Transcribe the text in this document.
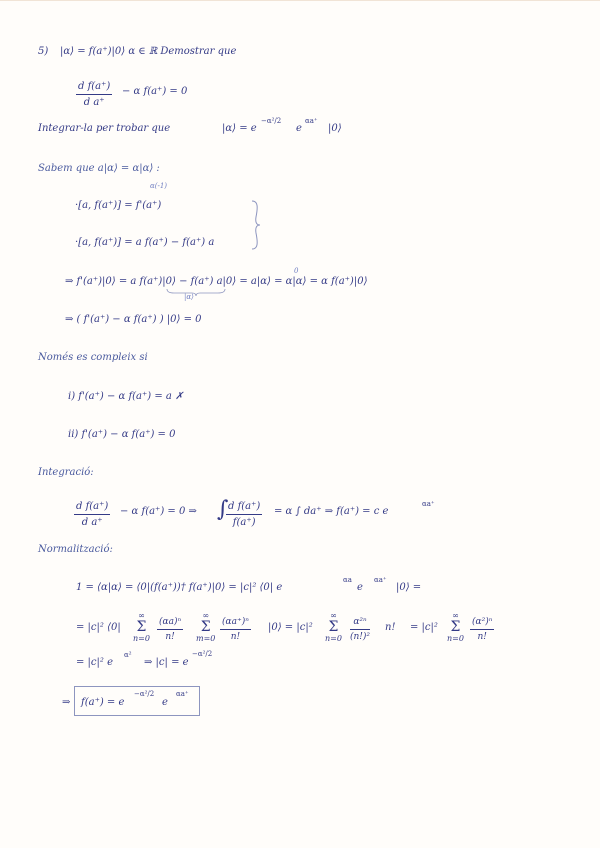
5) |α⟩ = f(a⁺)|0⟩ α ∈ ℝ Demostrar que
$\frac{\text{d f(a⁺)}}{\text{d a⁺}} - \alpha$ f(a⁺) = 0
Integrar-la per trobar que	|α⟩ = e
−α²/2
e
αa⁺
|0⟩
Sabem que a|α⟩ = α|α⟩ :
α(-1)
·[a, f(a⁺)] = f'(a⁺)
·[a, f(a⁺)] = a f(a⁺) − f(a⁺) a
⇒ f'(a⁺)|0⟩ = a f(a⁺)|0⟩ − f(a⁺) a|0⟩ = a|α⟩ = α|α⟩ = α f(a⁺)|0⟩
0
|α⟩
⇒ ( f'(a⁺) − α f(a⁺) ) |0⟩ = 0
Només es compleix si
i) f'(a⁺) − α f(a⁺) = a ✗
ii) f'(a⁺) − α f(a⁺) = 0
Integració:
$\frac{\text{d f(a⁺)}}{\text{d a⁺}} - \alpha$ f(a⁺) = 0 ⇒ ∫
$\frac{\text{d f(a⁺)}}{f(a^+)} = \alpha$ ∫ da⁺ ⇒ f(a⁺) = c e
αa⁺
Normalització:
1 = ⟨α|α⟩ = ⟨0|(f(a⁺))† f(a⁺)|0⟩ = |c|² ⟨0| e
αa
e
αa⁺
|0⟩ =
= |c|² ⟨0|
∞
Σ
$n=0 \frac{\text{(αa)ⁿ}}{n!}$
∞
Σ
$m=0 \frac{\text{(αa⁺)ⁿ}}{n!}$ |0⟩ = |c|²
∞
Σ
$n=0 \frac{\text{α²ⁿ}}{\text{(n!)²}} n$! = |c|²
∞
Σ
$n=0 \frac{\text{(α²)ⁿ}}{n!}$
= |c|² e
α²
⇒ |c| = e
−α²/2
⇒ f(a⁺) = e
−α²/2
e
αa⁺
